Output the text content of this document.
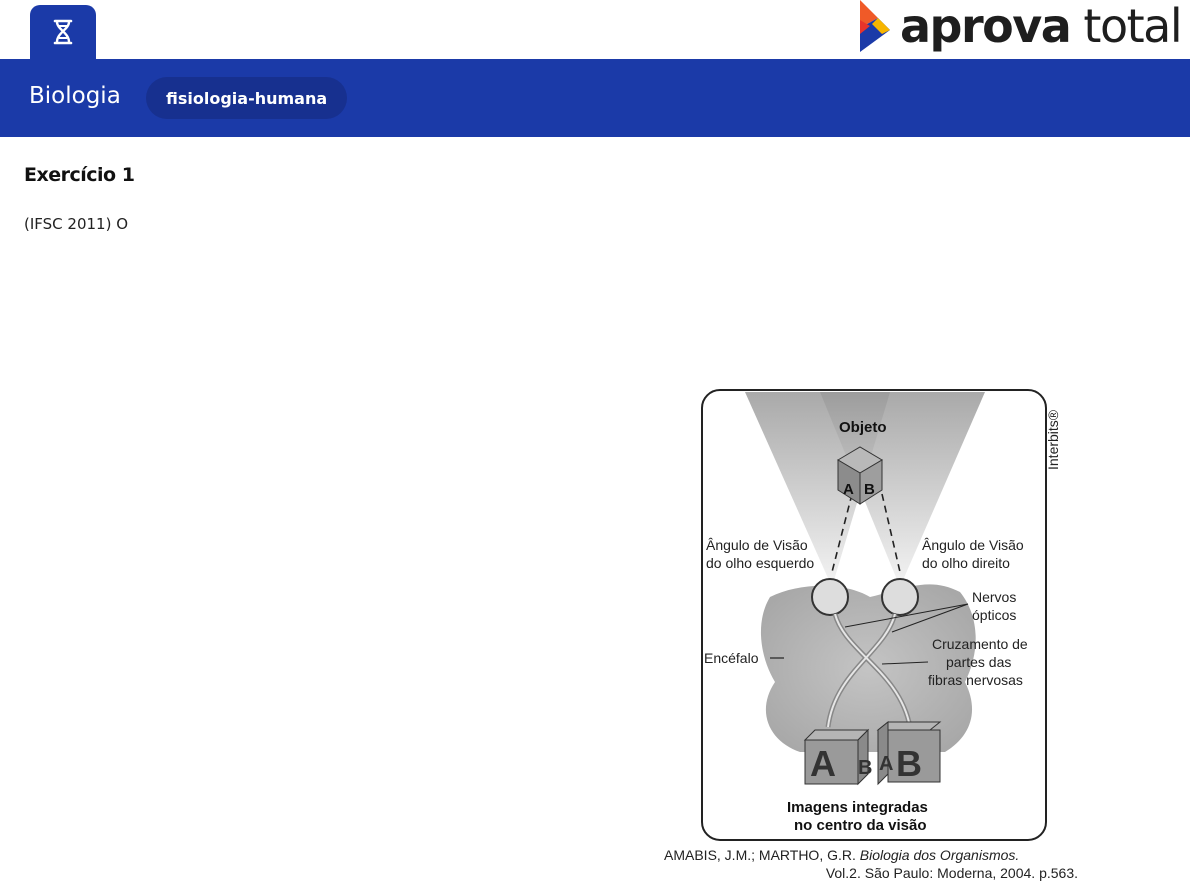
aprova total
Biologia	fisiologia-humana
Exercício 1
(IFSC 2011) O
A B
A B A B
Interbits®
Objeto
Ângulo de Visão
do olho esquerdo
Ângulo de Visão
do olho direito
Nervos
ópticos
Encéfalo
Cruzamento de
partes das
fibras nervosas
Imagens integradas
no centro da visão
AMABIS, J.M.; MARTHO, G.R. Biologia dos Organismos.
Vol.2. São Paulo: Moderna, 2004. p.563.
